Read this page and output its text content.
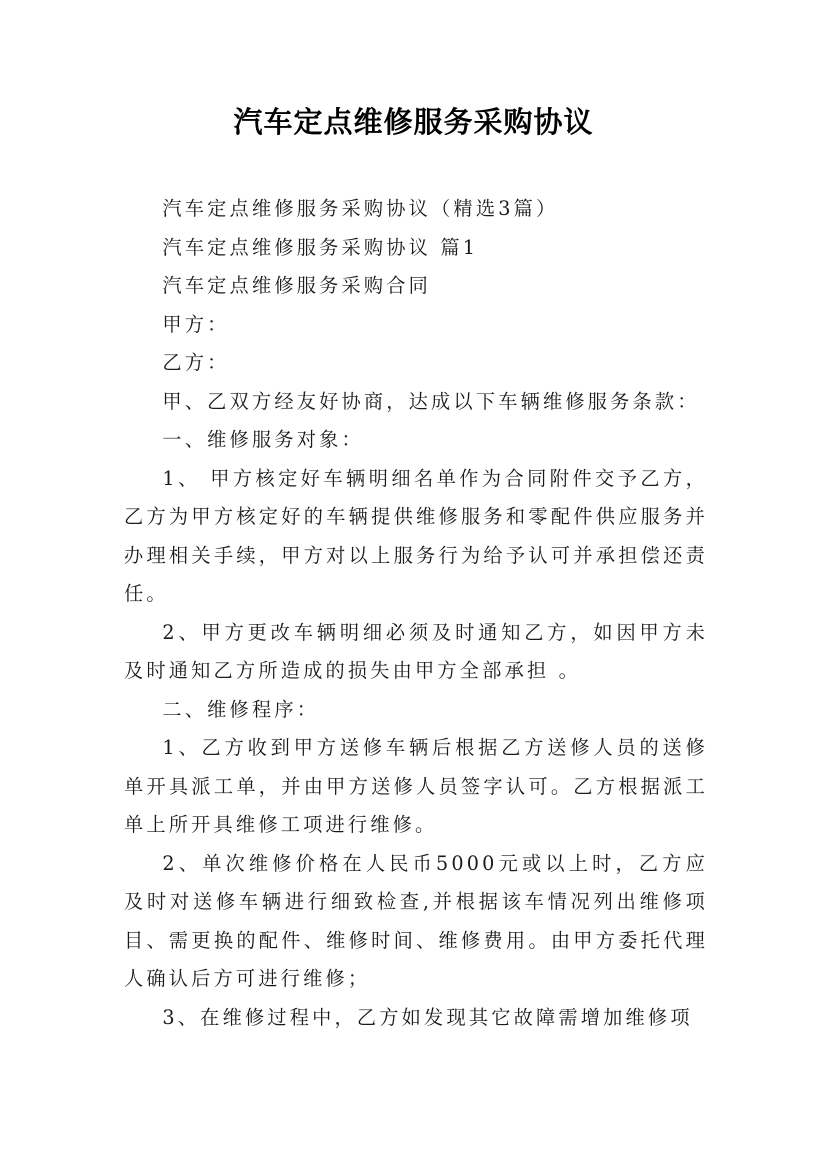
汽车定点维修服务采购协议

汽车定点维修服务采购协议（精选3篇）

汽车定点维修服务采购协议 篇1

汽车定点维修服务采购合同

甲方：

乙方：

甲、乙双方经友好协商，达成以下车辆维修服务条款：

一、维修服务对象：

1、 甲方核定好车辆明细名单作为合同附件交予乙方，乙方为甲方核定好的车辆提供维修服务和零配件供应服务并办理相关手续，甲方对以上服务行为给予认可并承担偿还责任。

2、甲方更改车辆明细必须及时通知乙方，如因甲方未及时通知乙方所造成的损失由甲方全部承担 。

二、维修程序：

1、乙方收到甲方送修车辆后根据乙方送修人员的送修单开具派工单，并由甲方送修人员签字认可。乙方根据派工单上所开具维修工项进行维修。

2、单次维修价格在人民币5000元或以上时，乙方应及时对送修车辆进行细致检查,并根据该车情况列出维修项目、需更换的配件、维修时间、维修费用。由甲方委托代理人确认后方可进行维修；

3、在维修过程中，乙方如发现其它故障需增加维修项
